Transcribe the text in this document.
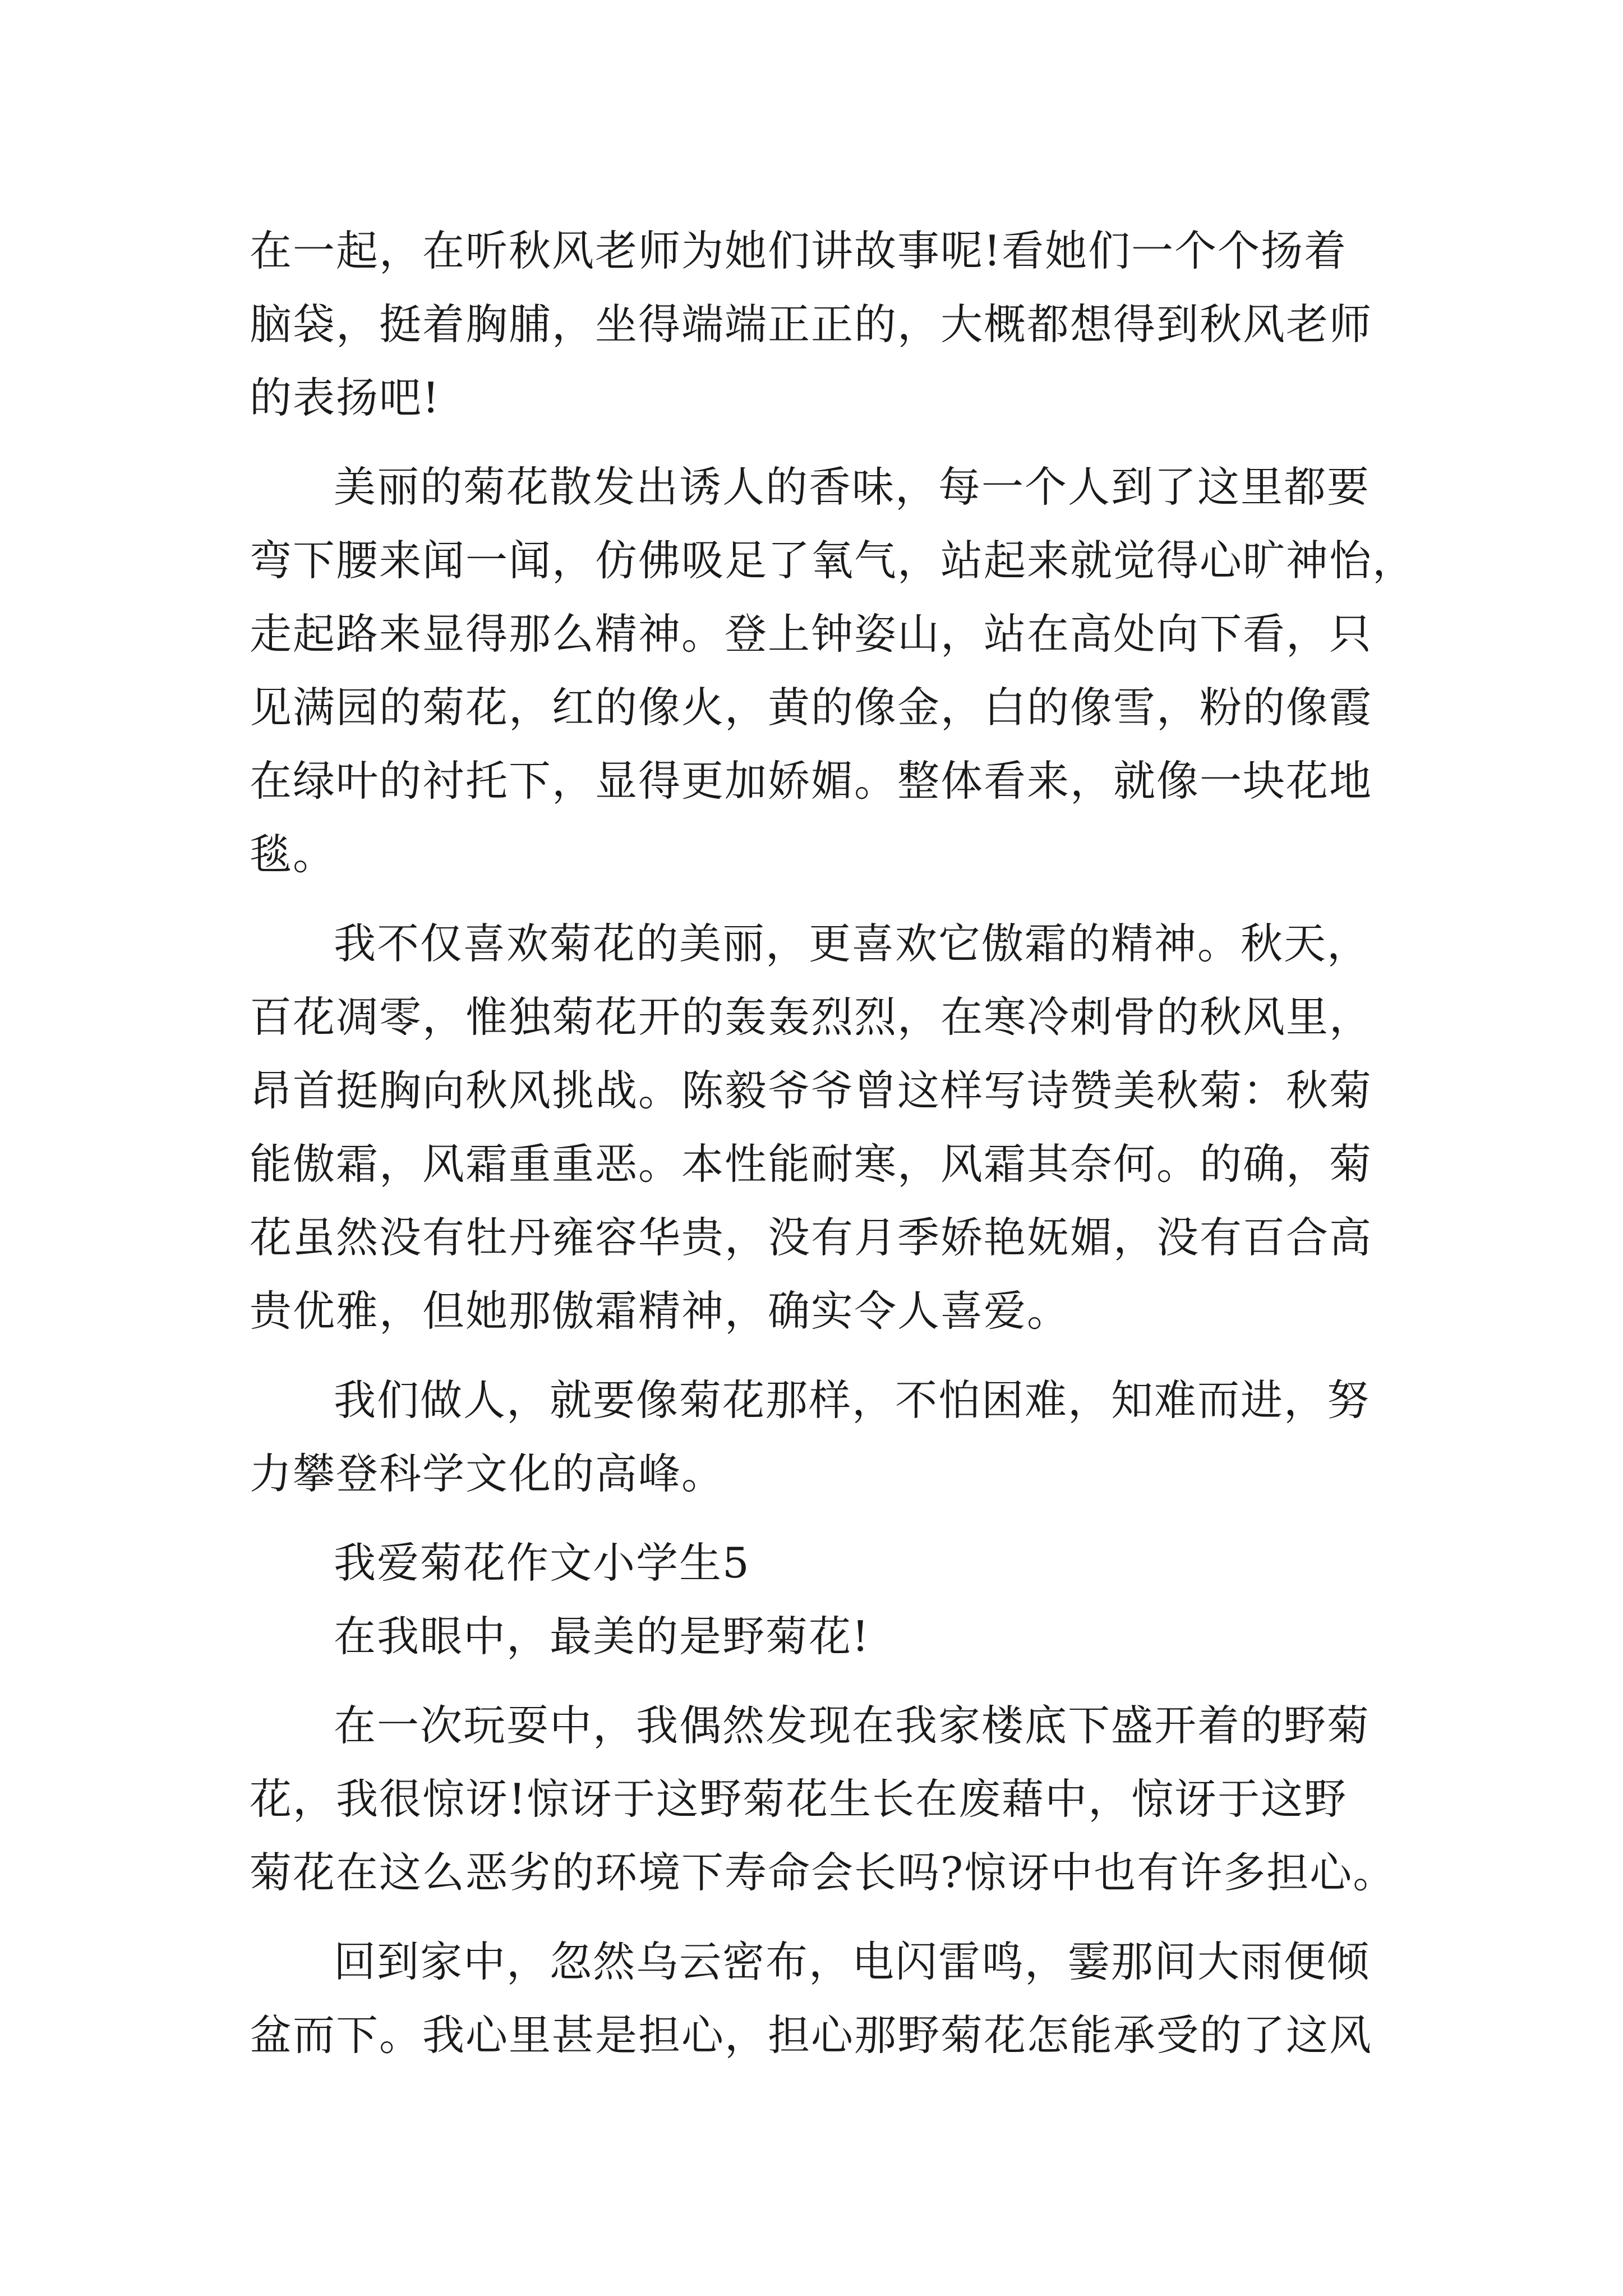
在一起，在听秋风老师为她们讲故事呢!看她们一个个扬着
脑袋，挺着胸脯，坐得端端正正的，大概都想得到秋风老师
的表扬吧!
美丽的菊花散发出诱人的香味，每一个人到了这里都要
弯下腰来闻一闻，仿佛吸足了氧气，站起来就觉得心旷神怡，
走起路来显得那么精神。登上钟姿山，站在高处向下看，只
见满园的菊花，红的像火，黄的像金，白的像雪，粉的像霞
在绿叶的衬托下，显得更加娇媚。整体看来，就像一块花地
毯。
我不仅喜欢菊花的美丽，更喜欢它傲霜的精神。秋天，
百花凋零，惟独菊花开的轰轰烈烈，在寒冷刺骨的秋风里，
昂首挺胸向秋风挑战。陈毅爷爷曾这样写诗赞美秋菊：秋菊
能傲霜，风霜重重恶。本性能耐寒，风霜其奈何。的确，菊
花虽然没有牡丹雍容华贵，没有月季娇艳妩媚，没有百合高
贵优雅，但她那傲霜精神，确实令人喜爱。
我们做人，就要像菊花那样，不怕困难，知难而进，努
力攀登科学文化的高峰。
我爱菊花作文小学生5
在我眼中，最美的是野菊花!
在一次玩耍中，我偶然发现在我家楼底下盛开着的野菊
花，我很惊讶!惊讶于这野菊花生长在废藉中，惊讶于这野
菊花在这么恶劣的环境下寿命会长吗?惊讶中也有许多担心。
回到家中，忽然乌云密布，电闪雷鸣，霎那间大雨便倾
盆而下。我心里甚是担心，担心那野菊花怎能承受的了这风
